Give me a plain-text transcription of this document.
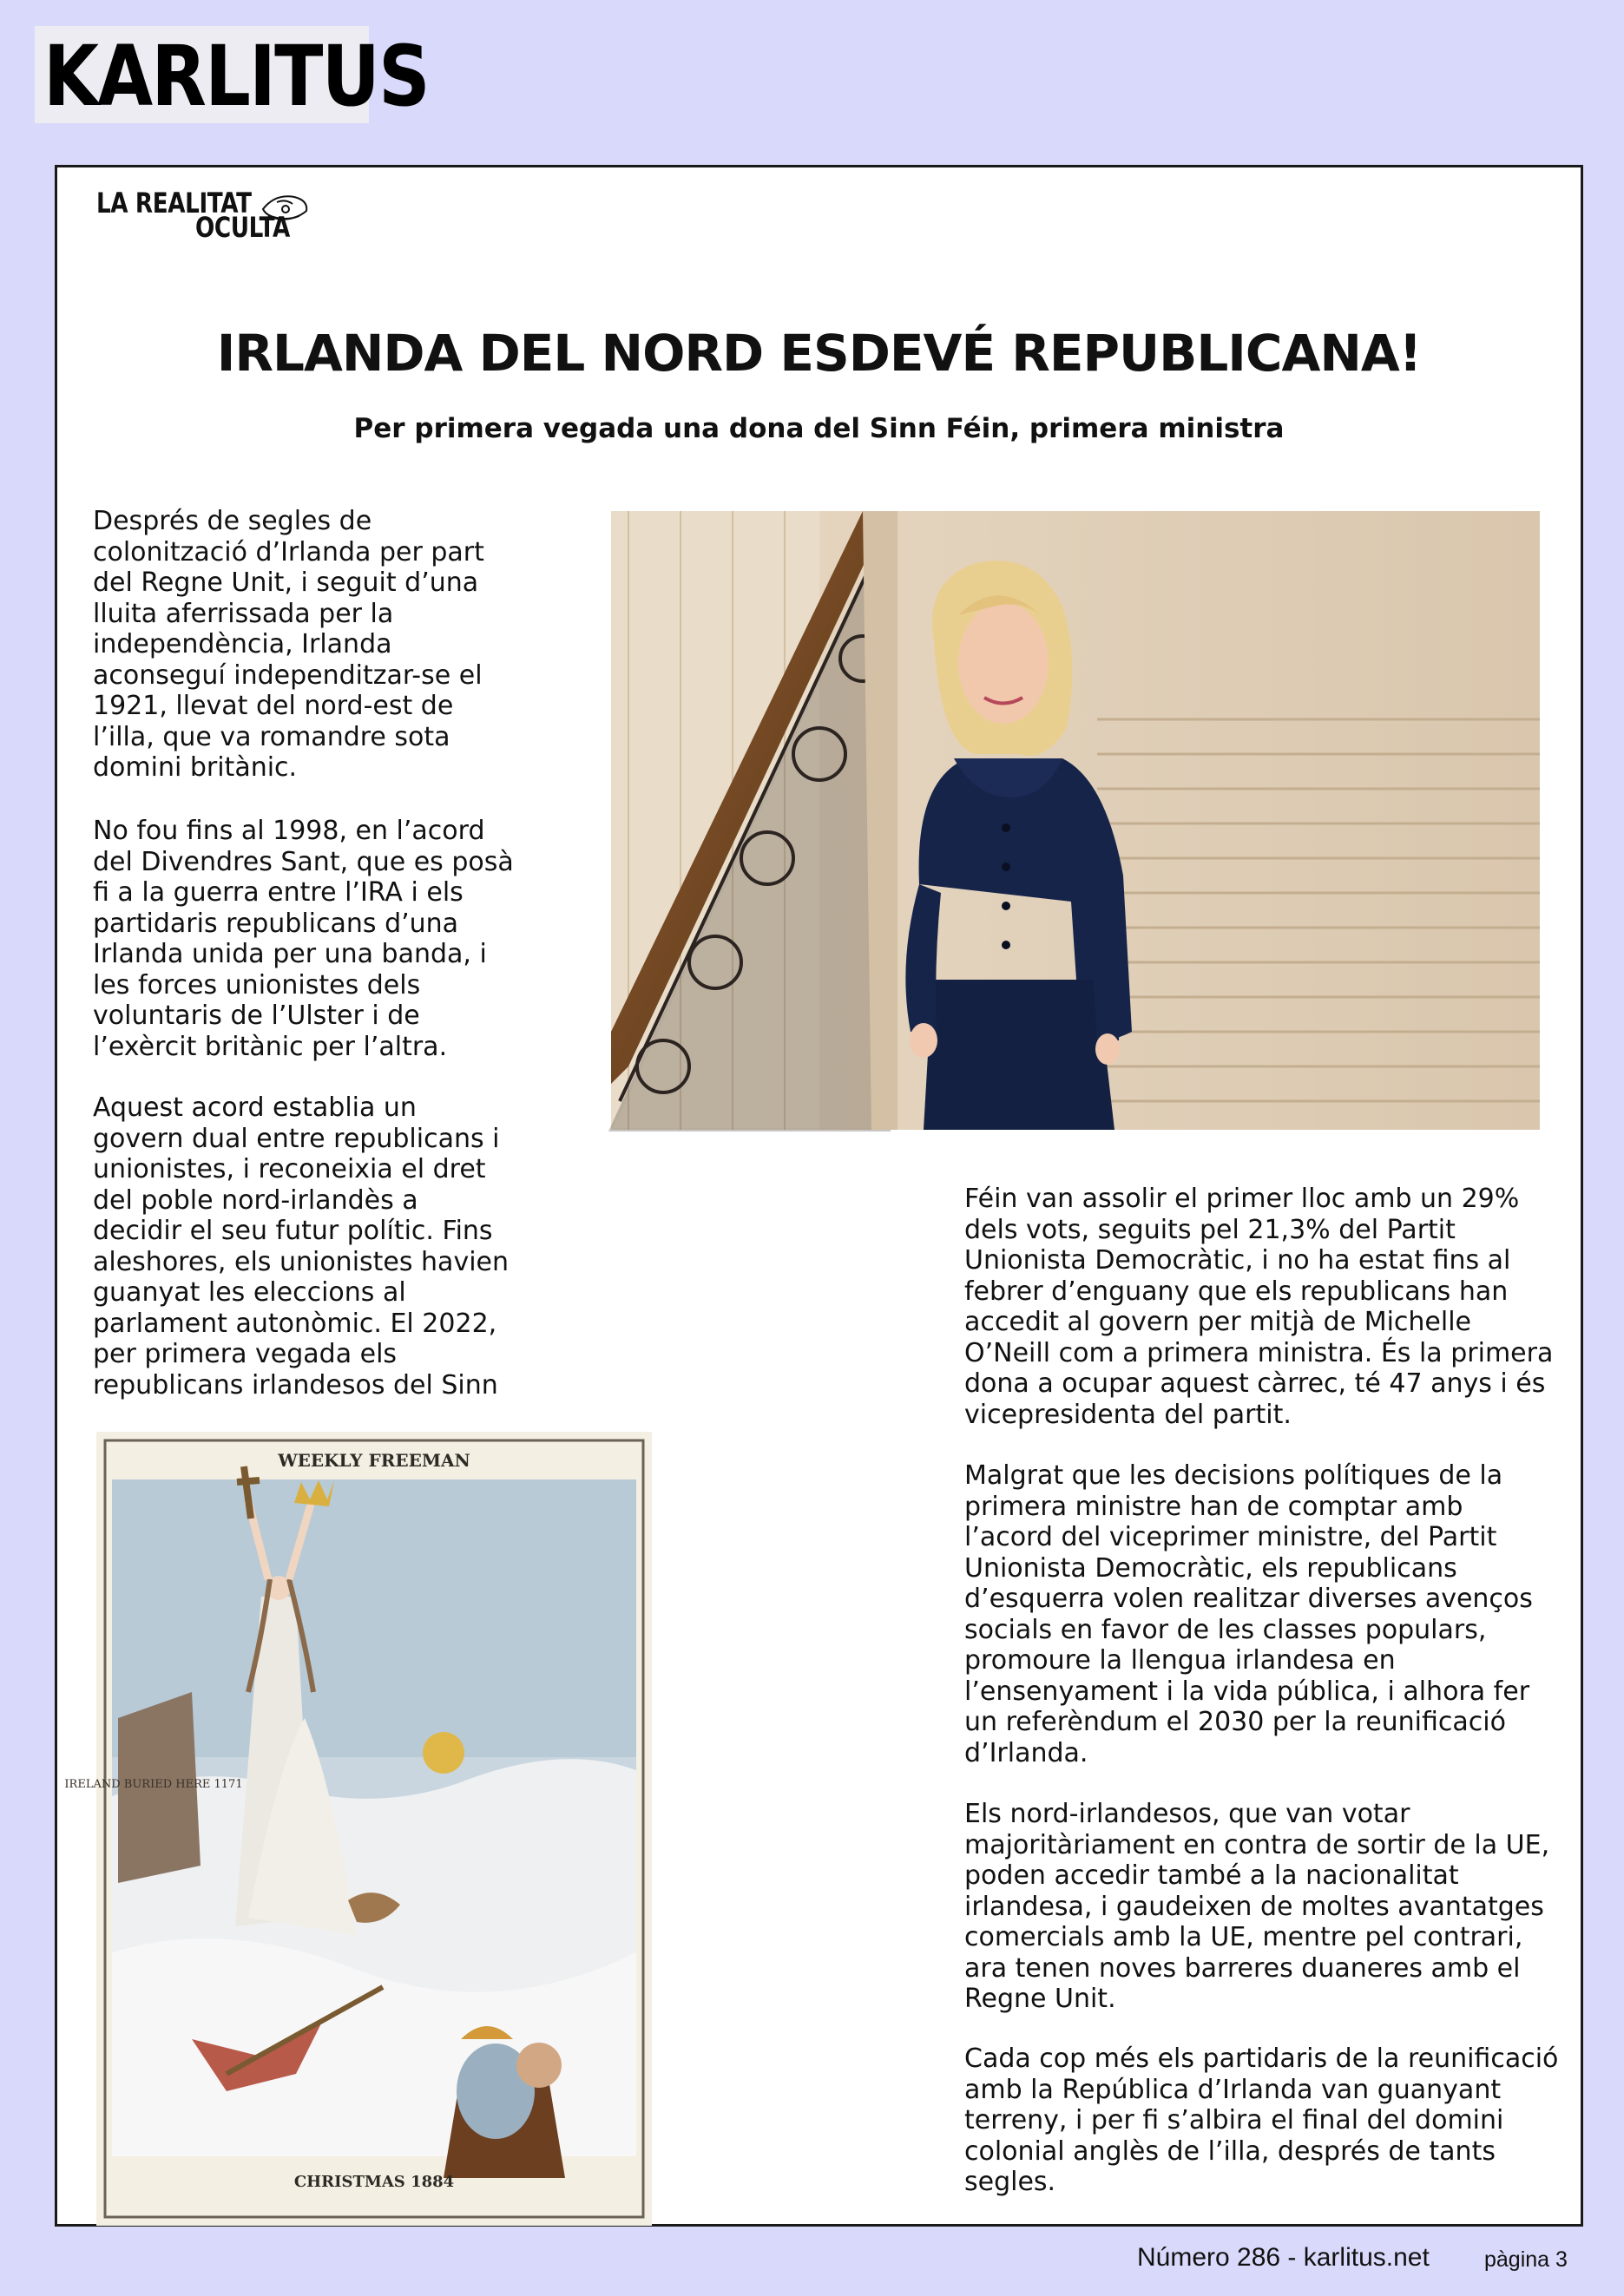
KARLITUS
LA REALITAT
OCULTA
IRLANDA DEL NORD ESDEVÉ REPUBLICANA!
Per primera vegada una dona del Sinn Féin, primera ministra

Després de segles de
colonització d’Irlanda per part
del Regne Unit, i seguit d’una
lluita aferrissada per la
independència, Irlanda
aconseguí independitzar-se el
1921, llevat del nord-est de
l’illa, que va romandre sota
domini britànic.

No fou fins al 1998, en l’acord
del Divendres Sant, que es posà
fi a la guerra entre l’IRA i els
partidaris republicans d’una
Irlanda unida per una banda, i
les forces unionistes dels
voluntaris de l’Ulster i de
l’exèrcit britànic per l’altra.

Aquest acord establia un
govern dual entre republicans i
unionistes, i reconeixia el dret
del poble nord-irlandès a
decidir el seu futur polític. Fins
aleshores, els unionistes havien
guanyat les eleccions al
parlament autonòmic. El 2022,
per primera vegada els
republicans irlandesos del Sinn

Féin van assolir el primer lloc amb un 29%
dels vots, seguits pel 21,3% del Partit
Unionista Democràtic, i no ha estat fins al
febrer d’enguany que els republicans han
accedit al govern per mitjà de Michelle
O’Neill com a primera ministra. És la primera
dona a ocupar aquest càrrec, té 47 anys i és
vicepresidenta del partit.

Malgrat que les decisions polítiques de la
primera ministre han de comptar amb
l’acord del viceprimer ministre, del Partit
Unionista Democràtic, els republicans
d’esquerra volen realitzar diverses avenços
socials en favor de les classes populars,
promoure la llengua irlandesa en
l’ensenyament i la vida pública, i alhora fer
un referèndum el 2030 per la reunificació
d’Irlanda.

Els nord-irlandesos, que van votar
majoritàriament en contra de sortir de la UE,
poden accedir també a la nacionalitat
irlandesa, i gaudeixen de moltes avantatges
comercials amb la UE, mentre pel contrari,
ara tenen noves barreres duaneres amb el
Regne Unit.

Cada cop més els partidaris de la reunificació
amb la República d’Irlanda van guanyant
terreny, i per fi s’albira el final del domini
colonial anglès de l’illa, després de tants
segles.

WEEKLY FREEMAN
IRELAND BURIED HERE 1171
CHRISTMAS 1884
Número 286 - karlitus.net	pàgina 3
